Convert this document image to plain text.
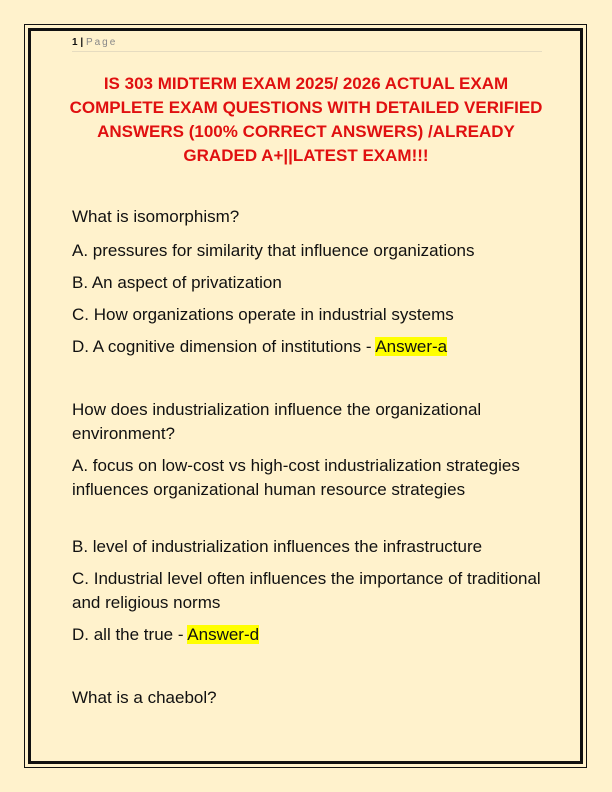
1 | Page
IS 303 MIDTERM EXAM 2025/ 2026 ACTUAL EXAM COMPLETE EXAM QUESTIONS WITH DETAILED VERIFIED ANSWERS (100% CORRECT ANSWERS) /ALREADY GRADED A+||LATEST EXAM!!!
What is isomorphism?
A. pressures for similarity that influence organizations
B. An aspect of privatization
C. How organizations operate in industrial systems
D. A cognitive dimension of institutions - Answer-a
How does industrialization influence the organizational environment?
A. focus on low-cost vs high-cost industrialization strategies influences organizational human resource strategies
B. level of industrialization influences the infrastructure
C. Industrial level often influences the importance of traditional and religious norms
D. all the true - Answer-d
What is a chaebol?
